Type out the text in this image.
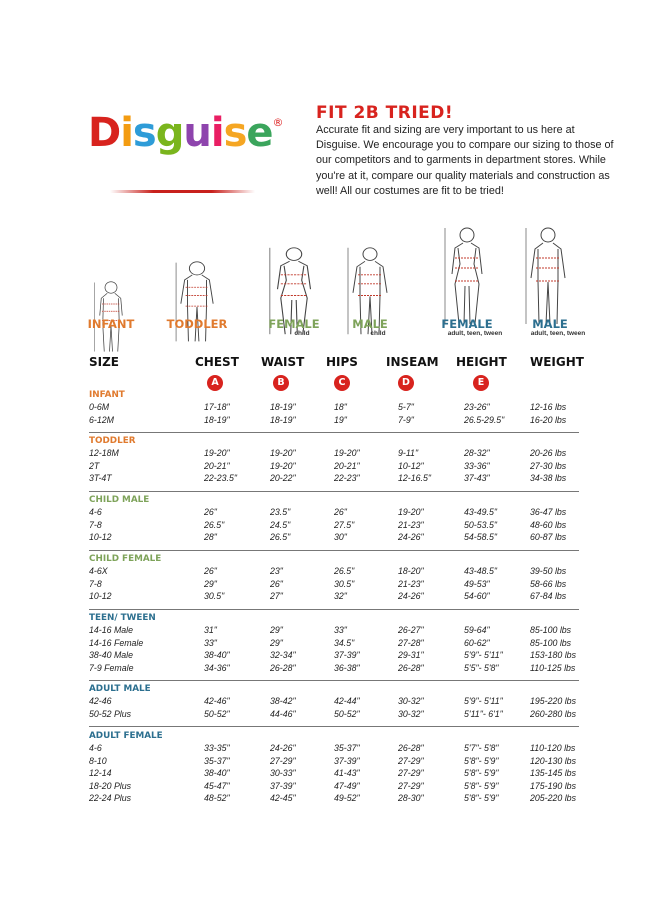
Disguise® FIT 2B TRIED!
Accurate fit and sizing are very important to us here at Disguise. We encourage you to compare our sizing to those of our competitors and to garments in department stores. While you're at it, compare our quality materials and construction as well! All our costumes are fit to be tried!
INFANT	TODDLER	FEMALE
child
MALE
child
FEMALE
adult, teen, tween
MALE
adult, teen, tween
SIZE	CHEST WAIST HIPS INSEAM HEIGHT WEIGHT
A	B	C	D	E
INFANT
0-6M	17-18"	18-19"	18"	5-7"	23-26"	12-16 lbs
6-12M	18-19"	18-19"	19"	7-9"	26.5-29.5"	16-20 lbs
TODDLER
12-18M	19-20"	19-20"	19-20"	9-11"	28-32"	20-26 lbs
2T	20-21"	19-20"	20-21"	10-12"	33-36"	27-30 lbs
3T-4T	22-23.5"	20-22"	22-23"	12-16.5"	37-43"	34-38 lbs
CHILD MALE
4-6	26"	23.5"	26"	19-20"	43-49.5"	36-47 lbs
7-8	26.5"	24.5"	27.5"	21-23"	50-53.5"	48-60 lbs
10-12	28"	26.5"	30"	24-26"	54-58.5"	60-87 lbs
CHILD FEMALE
4-6X	26"	23"	26.5"	18-20"	43-48.5"	39-50 lbs
7-8	29"	26"	30.5"	21-23"	49-53"	58-66 lbs
10-12	30.5"	27"	32"	24-26"	54-60"	67-84 lbs
TEEN/ TWEEN
14-16 Male	31"	29"	33"	26-27"	59-64"	85-100 lbs
14-16 Female	33"	29"	34.5"	27-28"	60-62"	85-100 lbs
38-40 Male	38-40"	32-34"	37-39"	29-31"	5'9"- 5'11"	153-180 lbs
7-9 Female	34-36"	26-28"	36-38"	26-28"	5'5"- 5'8"	110-125 lbs
ADULT MALE
42-46	42-46"	38-42"	42-44"	30-32"	5'9"- 5'11"	195-220 lbs
50-52 Plus	50-52"	44-46"	50-52"	30-32"	5'11"- 6'1"	260-280 lbs
ADULT FEMALE
4-6	33-35"	24-26"	35-37"	26-28"	5'7"- 5'8"	110-120 lbs
8-10	35-37"	27-29"	37-39"	27-29"	5'8"- 5'9"	120-130 lbs
12-14	38-40"	30-33"	41-43"	27-29"	5'8"- 5'9"	135-145 lbs
18-20 Plus	45-47"	37-39"	47-49"	27-29"	5'8"- 5'9"	175-190 lbs
22-24 Plus	48-52"	42-45"	49-52"	28-30"	5'8"- 5'9"	205-220 lbs
